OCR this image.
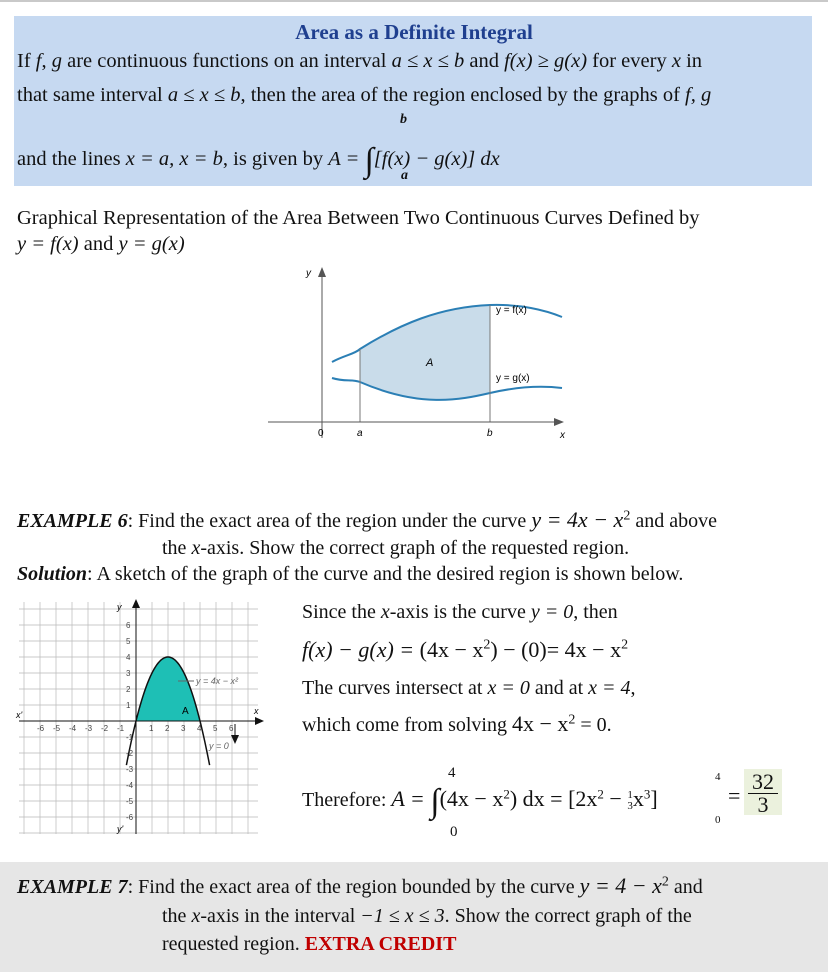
Area as a Definite Integral
If f, g are continuous functions on an interval a ≤ x ≤ b and f(x) ≥ g(x) for every x in
that same interval a ≤ x ≤ b, then the area of the region enclosed by the graphs of f, g
b
and the lines x = a, x = b, is given by A = ∫[f(x) − g(x)] dx
a
Graphical Representation of the Area Between Two Continuous Curves Defined by
y = f(x) and y = g(x)
y
x
0	a	b
A
y = f(x)
y = g(x)
EXAMPLE 6: Find the exact area of the region under the curve $y = 4x - x^2$ and above
the x-axis. Show the correct graph of the requested region.
Solution: A sketch of the graph of the curve and the desired region is shown below.
-6 -5 -4 -3 -2 -1	1 2 3 4 5 6
6
5
4
3
2
1
-1
-2
-3
-4
-5
-6
y
y'
x
x'
y = 4x − x²
y = 0
A
Since the x-axis is the curve y = 0, then
$f(x) - g(x) = (4x - x^2) - (0)= 4x - x^2$
The curves intersect at x = 0 and at x = 4,
which come from solving $4x - x^2 = 0$.
4
0
Therefore: $A = \int(4x - x^2)$ dx = [$2x^2 - 1$
$3x^3$]
4
0
=
32
3
EXAMPLE 7: Find the exact area of the region bounded by the curve $y = 4 - x^2$ and
the x-axis in the interval −1 ≤ x ≤ 3. Show the correct graph of the
requested region. EXTRA CREDIT
